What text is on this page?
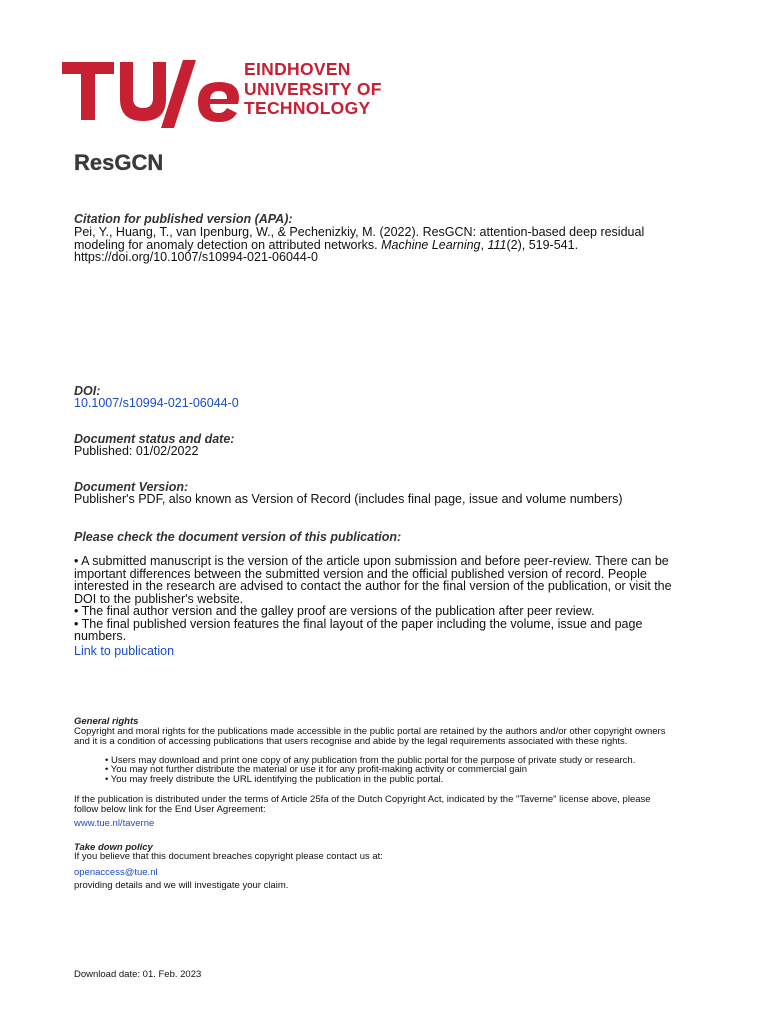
EINDHOVEN
UNIVERSITY OF
TECHNOLOGY
ResGCN
Citation for published version (APA):
Pei, Y., Huang, T., van Ipenburg, W., & Pechenizkiy, M. (2022). ResGCN: attention-based deep residual
modeling for anomaly detection on attributed networks. Machine Learning, 111(2), 519-541.
https://doi.org/10.1007/s10994-021-06044-0
DOI:
10.1007/s10994-021-06044-0
Document status and date:
Published: 01/02/2022
Document Version:
Publisher's PDF, also known as Version of Record (includes final page, issue and volume numbers)
Please check the document version of this publication:
• A submitted manuscript is the version of the article upon submission and before peer-review. There can be
important differences between the submitted version and the official published version of record. People
interested in the research are advised to contact the author for the final version of the publication, or visit the
DOI to the publisher's website.
• The final author version and the galley proof are versions of the publication after peer review.
• The final published version features the final layout of the paper including the volume, issue and page
numbers.
Link to publication
General rights
Copyright and moral rights for the publications made accessible in the public portal are retained by the authors and/or other copyright owners
and it is a condition of accessing publications that users recognise and abide by the legal requirements associated with these rights.
• Users may download and print one copy of any publication from the public portal for the purpose of private study or research.
• You may not further distribute the material or use it for any profit-making activity or commercial gain
• You may freely distribute the URL identifying the publication in the public portal.
If the publication is distributed under the terms of Article 25fa of the Dutch Copyright Act, indicated by the "Taverne" license above, please
follow below link for the End User Agreement:
www.tue.nl/taverne
Take down policy
If you believe that this document breaches copyright please contact us at:
openaccess@tue.nl
providing details and we will investigate your claim.
Download date: 01. Feb. 2023
